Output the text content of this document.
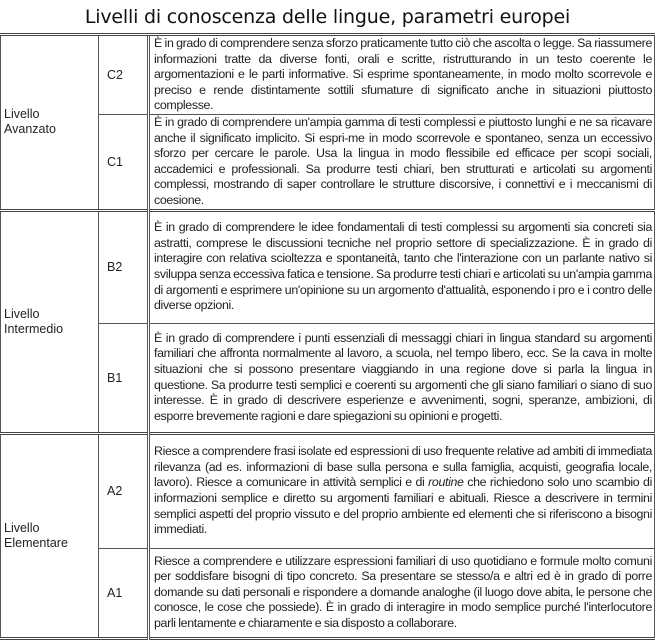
Livelli di conoscenza delle lingue, parametri europei
Livello
Avanzato	C2	È in grado di comprendere senza sforzo praticamente tutto ciò che ascolta o legge. Sa riassumere informazioni tratte da diverse fonti, orali e scritte, ristrutturando in un testo coerente le argomentazioni e le parti informative. Si esprime spontaneamente, in modo molto scorrevole e preciso e rende distintamente sottili sfumature di significato anche in situazioni piuttosto complesse.
	C1	È in grado di comprendere un'ampia gamma di testi complessi e piuttosto lunghi e ne sa ricavare anche il significato implicito. Si espri-me in modo scorrevole e spontaneo, senza un eccessivo sforzo per cercare le parole. Usa la lingua in modo flessibile ed efficace per scopi sociali, accademici e professionali. Sa produrre testi chiari, ben strutturati e articolati su argomenti complessi, mostrando di saper controllare le strutture discorsive, i connettivi e i meccanismi di coesione.
Livello
Intermedio	B2	È in grado di comprendere le idee fondamentali di testi complessi su argomenti sia concreti sia astratti, comprese le discussioni tecniche nel proprio settore di specializzazione. È in grado di interagire con relativa scioltezza e spontaneità, tanto che l'interazione con un parlante nativo si sviluppa senza eccessiva fatica e tensione. Sa produrre testi chiari e articolati su un'ampia gamma di argomenti e esprimere un'opinione su un argomento d'attualità, esponendo i pro e i contro delle diverse opzioni.
	B1	È in grado di comprendere i punti essenziali di messaggi chiari in lingua standard su argomenti familiari che affronta normalmente al lavoro, a scuola, nel tempo libero, ecc. Se la cava in molte situazioni che si possono presentare viaggiando in una regione dove si parla la lingua in questione. Sa produrre testi semplici e coerenti su argomenti che gli siano familiari o siano di suo interesse. È in grado di descrivere esperienze e avvenimenti, sogni, speranze, ambizioni, di esporre brevemente ragioni e dare spiegazioni su opinioni e progetti.
Livello
Elementare	A2	Riesce a comprendere frasi isolate ed espressioni di uso frequente relative ad ambiti di immediata rilevanza (ad es. informazioni di base sulla persona e sulla famiglia, acquisti, geografia locale, lavoro). Riesce a comunicare in attività semplici e di routine che richiedono solo uno scambio di informazioni semplice e diretto su argomenti familiari e abituali. Riesce a descrivere in termini semplici aspetti del proprio vissuto e del proprio ambiente ed elementi che si riferiscono a bisogni immediati.
	A1	Riesce a comprendere e utilizzare espressioni familiari di uso quotidiano e formule molto comuni per soddisfare bisogni di tipo concreto. Sa presentare se stesso/a e altri ed è in grado di porre domande su dati personali e rispondere a domande analoghe (il luogo dove abita, le persone che conosce, le cose che possiede). È in grado di interagire in modo semplice purché l'interlocutore parli lentamente e chiaramente e sia disposto a collaborare.
